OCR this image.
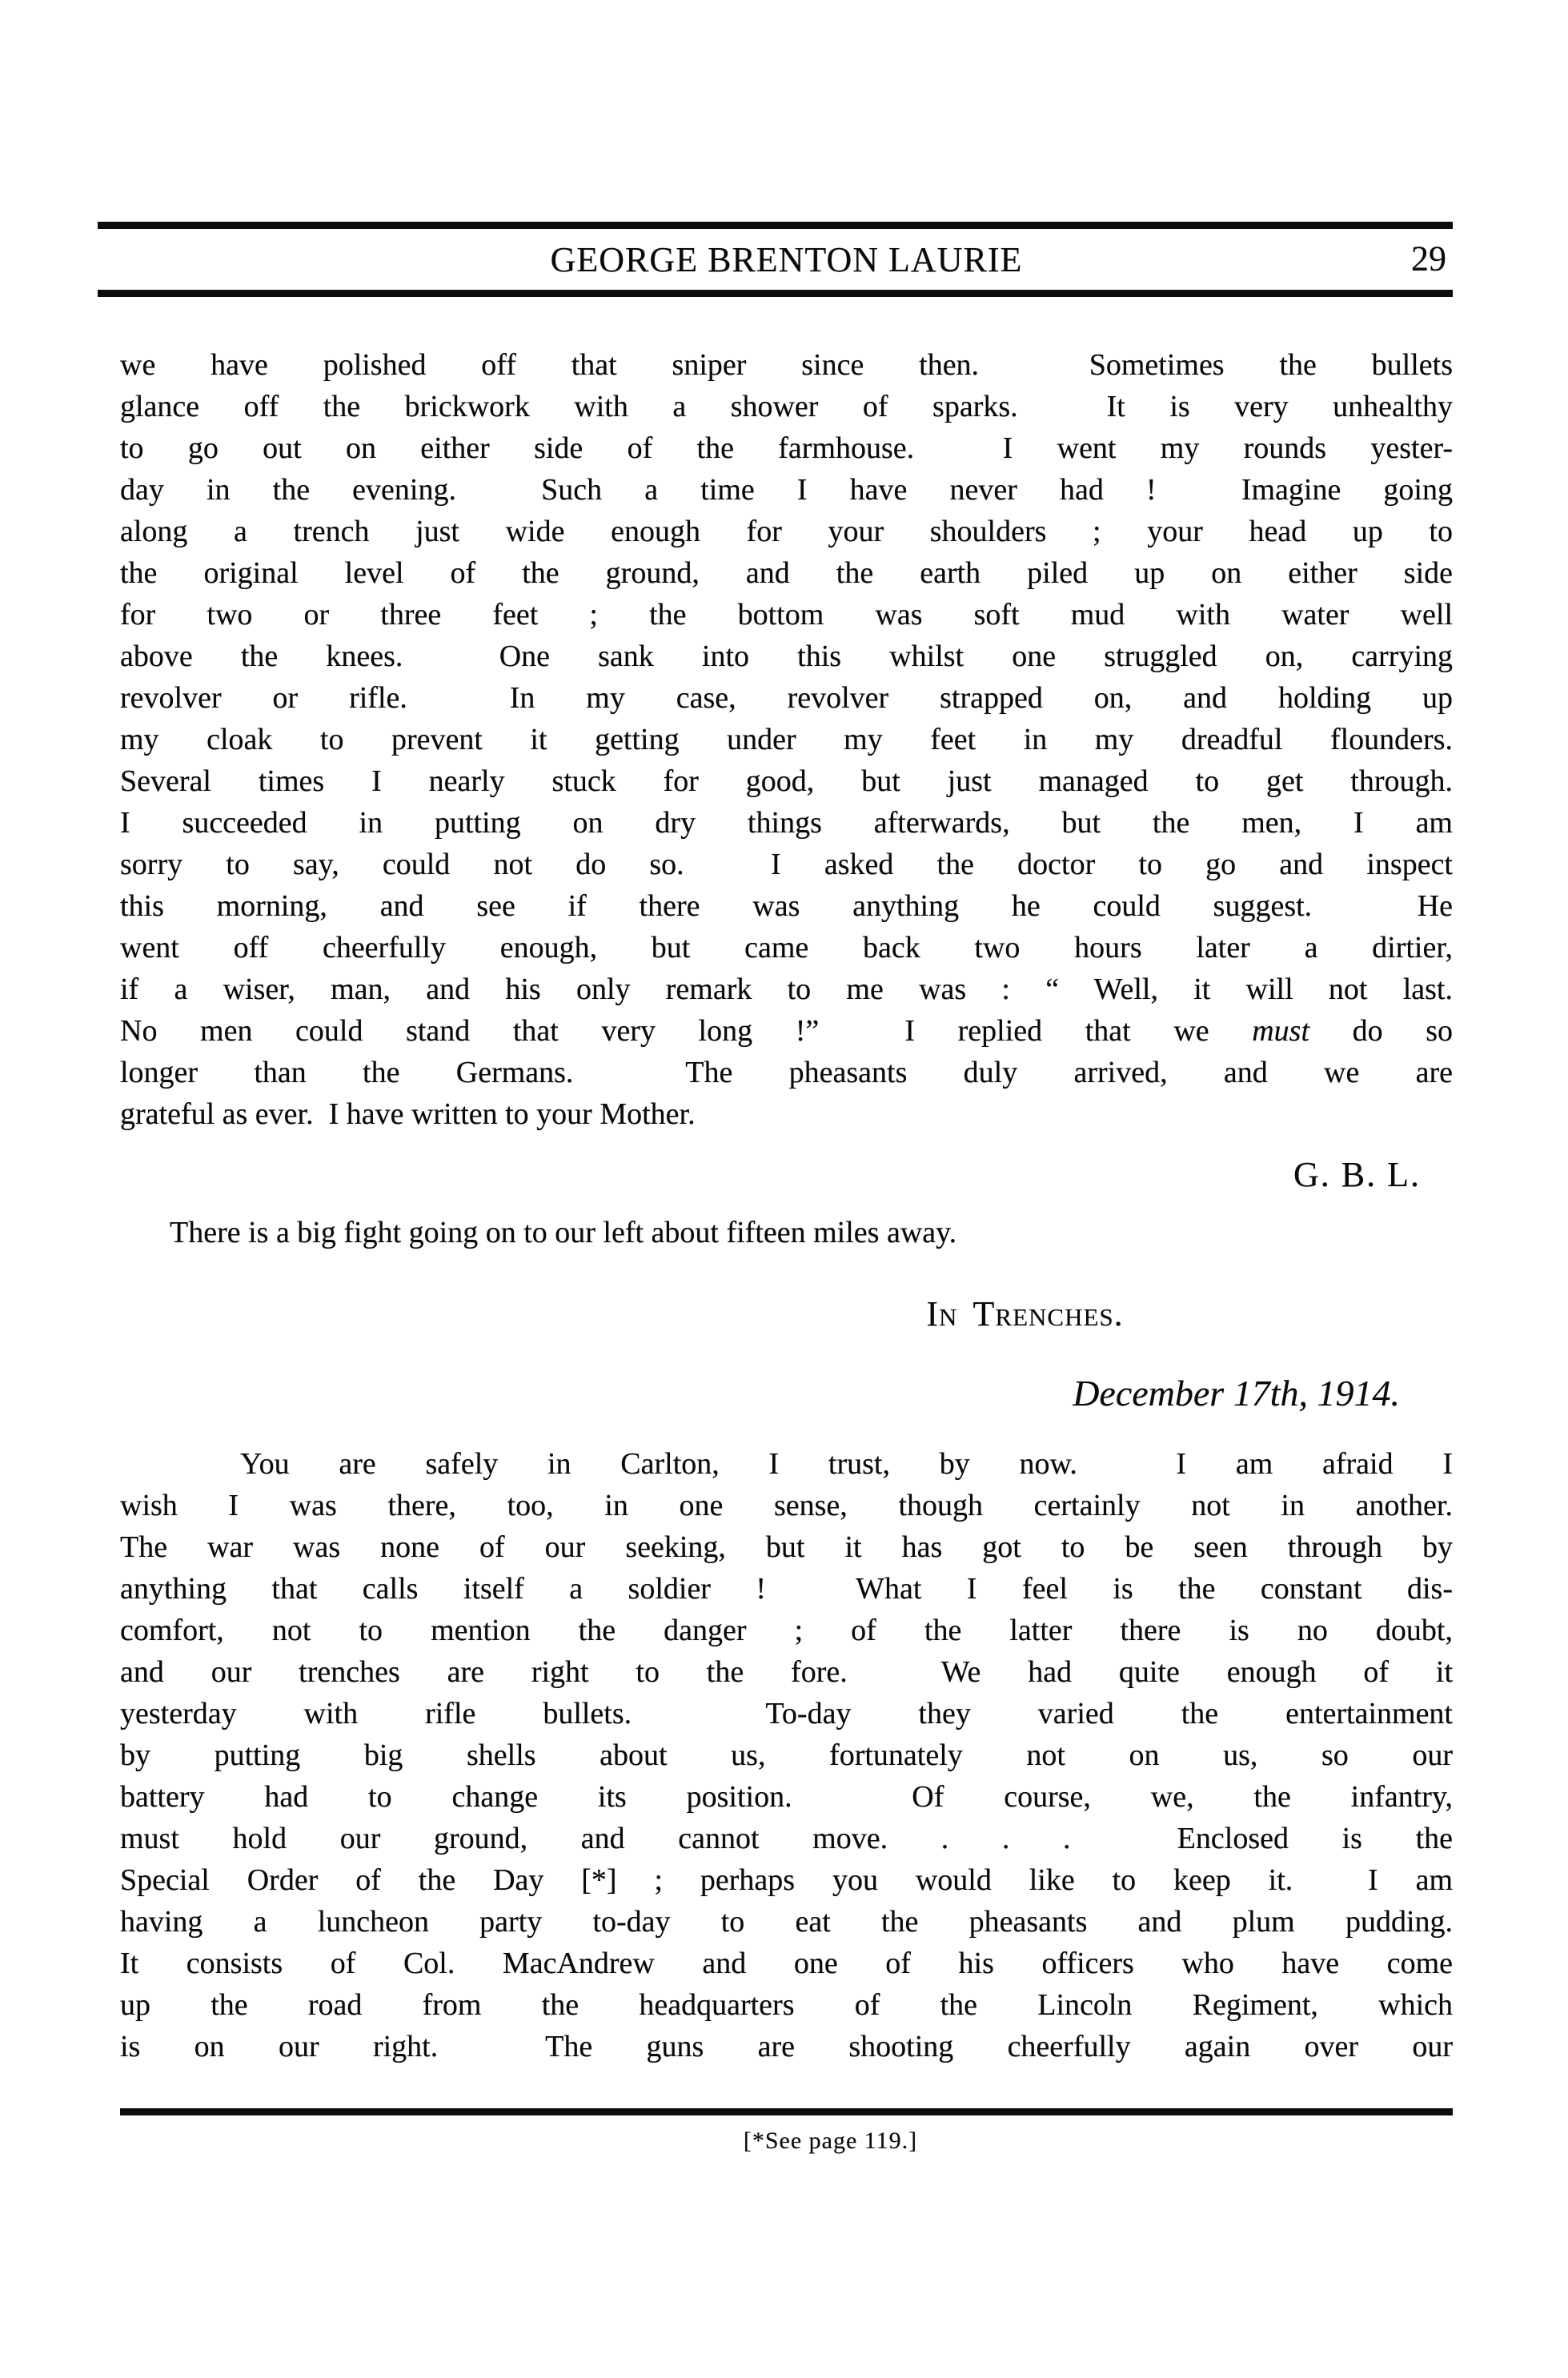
GEORGE BRENTON LAURIE	29
we have polished off that sniper since then.  Sometimes the bullets
glance off the brickwork with a shower of sparks.  It is very unhealthy
to go out on either side of the farmhouse.  I went my rounds yester-
day in the evening.  Such a time I have never had !  Imagine going
along a trench just wide enough for your shoulders ; your head up to
the original level of the ground, and the earth piled up on either side
for two or three feet ; the bottom was soft mud with water well
above the knees.  One sank into this whilst one struggled on, carrying
revolver or rifle.  In my case, revolver strapped on, and holding up
my cloak to prevent it getting under my feet in my dreadful flounders.
Several times I nearly stuck for good, but just managed to get through.
I succeeded in putting on dry things afterwards, but the men, I am
sorry to say, could not do so.  I asked the doctor to go and inspect
this morning, and see if there was anything he could suggest.  He
went off cheerfully enough, but came back two hours later a dirtier,
if a wiser, man, and his only remark to me was : “ Well, it will not last.
No men could stand that very long !”  I replied that we must do so
longer than the Germans.  The pheasants duly arrived, and we are
grateful as ever.  I have written to your Mother.
G. B. L.
There is a big fight going on to our left about fifteen miles away.
In Trenches.
December 17th, 1914.
You are safely in Carlton, I trust, by now.  I am afraid I
wish I was there, too, in one sense, though certainly not in another.
The war was none of our seeking, but it has got to be seen through by
anything that calls itself a soldier !  What I feel is the constant dis-
comfort, not to mention the danger ; of the latter there is no doubt,
and our trenches are right to the fore.  We had quite enough of it
yesterday with rifle bullets.  To-day they varied the entertainment
by putting big shells about us, fortunately not on us, so our
battery had to change its position.  Of course, we, the infantry,
must hold our ground, and cannot move. . . .  Enclosed is the
Special Order of the Day [*] ; perhaps you would like to keep it.  I am
having a luncheon party to-day to eat the pheasants and plum pudding.
It consists of Col. MacAndrew and one of his officers who have come
up the road from the headquarters of the Lincoln Regiment, which
is on our right.  The guns are shooting cheerfully again over our
[*See page 119.]
